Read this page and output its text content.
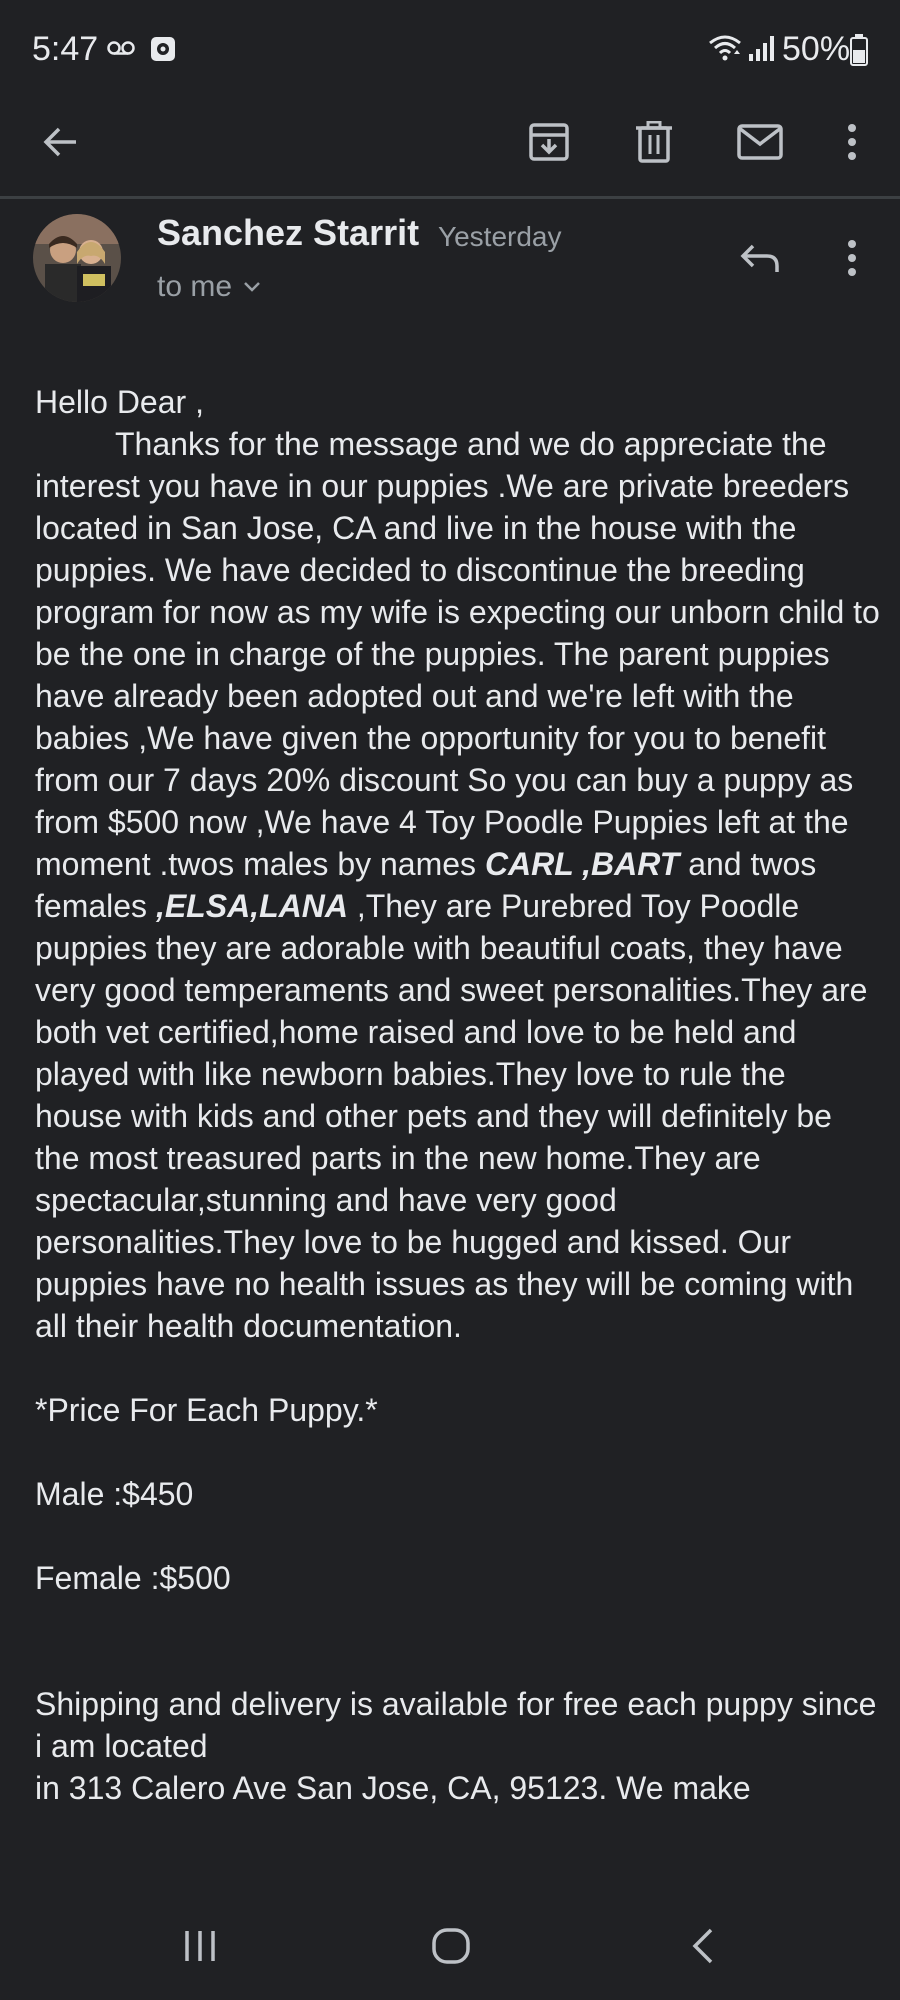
5:47	50%
Sanchez Starrit Yesterday
to me

Hello Dear ,

Thanks for the message and we do appreciate the interest you have in our puppies .We are private breeders located in San Jose, CA and live in the house with the puppies. We have decided to discontinue the breeding program for now as my wife is expecting our unborn child to be the one in charge of the puppies. The parent puppies have already been adopted out and we're left with the babies ,We have given the opportunity for you to benefit from our 7 days 20% discount So you can buy a puppy as from $500 now ,We have 4 Toy Poodle Puppies left at the moment .twos males by names CARL ,BART and twos females ,ELSA,LANA ,They are Purebred Toy Poodle puppies they are adorable with beautiful coats, they have very good temperaments and sweet personalities.They are both vet certified,home raised and love to be held and played with like newborn babies.They love to rule the house with kids and other pets and they will definitely be the most treasured parts in the new home.They are spectacular,stunning and have very good personalities.They love to be hugged and kissed. Our puppies have no health issues as they will be coming with all their health documentation.

*Price For Each Puppy.*

Male :$450

Female :$500

Shipping and delivery is available for free each puppy since i am located

in 313 Calero Ave San Jose, CA, 95123. We make
